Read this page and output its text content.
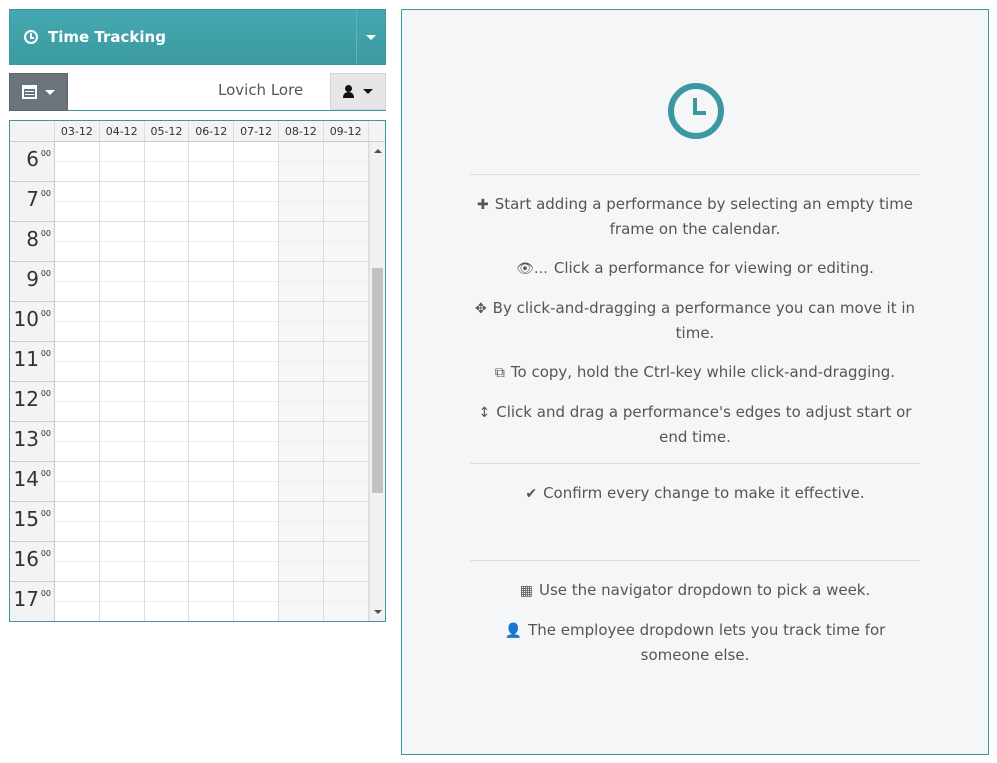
Time Tracking
Lovich Lore
03-12	04-12	05-12	06-12	07-12	08-12	09-12
6 00
7 00
8 00
9 00
10 00
11 00
12 00
13 00
14 00
15 00
16 00
17 00
✚ Start adding a performance by selecting an empty time frame on the calendar.
👁… Click a performance for viewing or editing.
✥ By click-and-dragging a performance you can move it in time.
⧉ To copy, hold the Ctrl-key while click-and-dragging.
↕ Click and drag a performance's edges to adjust start or end time.
✔ Confirm every change to make it effective.
▦ Use the navigator dropdown to pick a week.
👤 The employee dropdown lets you track time for someone else.
